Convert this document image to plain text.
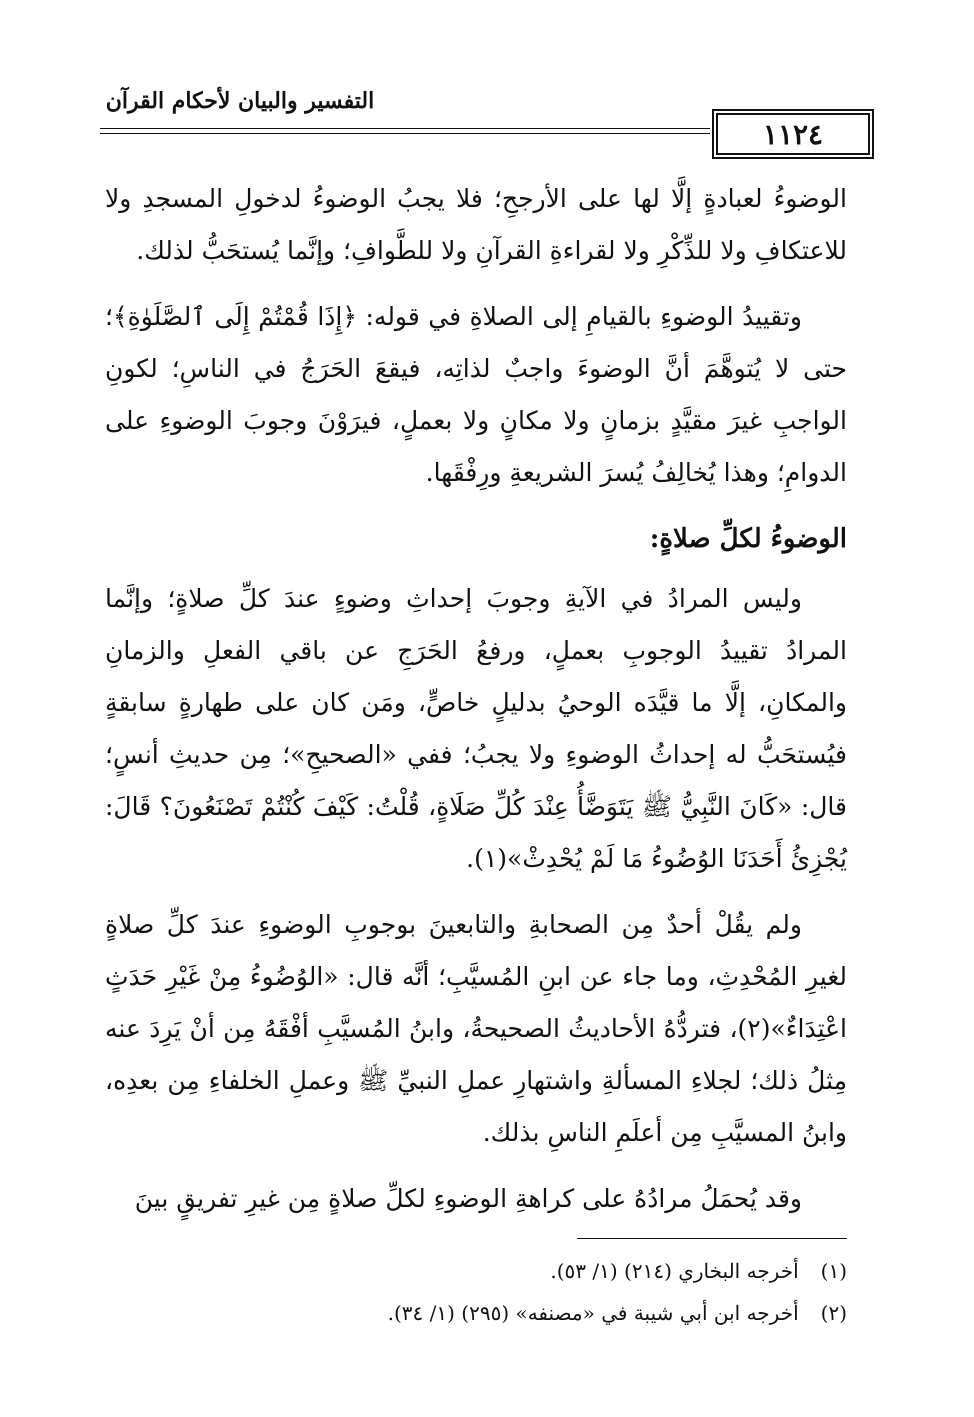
التفسير والبيان لأحكام القرآن
١١٢٤

الوضوءُ لعبادةٍ إلَّا لها على الأرجحِ؛ فلا يجبُ الوضوءُ لدخولِ المسجدِ ولا للاعتكافِ ولا للذِّكْرِ ولا لقراءةِ القرآنِ ولا للطَّوافِ؛ وإنَّما يُستحَبُّ لذلك.

وتقييدُ الوضوءِ بالقيامِ إلى الصلاةِ في قوله: ﴿إِذَا قُمْتُمْ إِلَى ٱلصَّلَوٰةِ﴾؛ حتى لا يُتوهَّمَ أنَّ الوضوءَ واجبٌ لذاتِه، فيقعَ الحَرَجُ في الناسِ؛ لكونِ الواجبِ غيرَ مقيَّدٍ بزمانٍ ولا مكانٍ ولا بعملٍ، فيرَوْنَ وجوبَ الوضوءِ على الدوامِ؛ وهذا يُخالِفُ يُسرَ الشريعةِ ورِفْقَها.

الوضوءُ لكلِّ صلاةٍ:

وليس المرادُ في الآيةِ وجوبَ إحداثِ وضوءٍ عندَ كلِّ صلاةٍ؛ وإنَّما المرادُ تقييدُ الوجوبِ بعملٍ، ورفعُ الحَرَجِ عن باقي الفعلِ والزمانِ والمكانِ، إلَّا ما قيَّدَه الوحيُ بدليلٍ خاصٍّ، ومَن كان على طهارةٍ سابقةٍ فيُستحَبُّ له إحداثُ الوضوءِ ولا يجبُ؛ ففي «الصحيحِ»؛ مِن حديثِ أنسٍ؛ قال: «كَانَ النَّبِيُّ ﷺ يَتَوَضَّأُ عِنْدَ كُلِّ صَلَاةٍ، قُلْتُ: كَيْفَ كُنْتُمْ تَصْنَعُونَ؟ قَالَ: يُجْزِئُ أَحَدَنَا الوُضُوءُ مَا لَمْ يُحْدِثْ»(١).

ولم يقُلْ أحدٌ مِن الصحابةِ والتابعينَ بوجوبِ الوضوءِ عندَ كلِّ صلاةٍ لغيرِ المُحْدِثِ، وما جاء عن ابنِ المُسيَّبِ؛ أنَّه قال: «الوُضُوءُ مِنْ غَيْرِ حَدَثٍ اعْتِدَاءٌ»(٢)، فتردُّهُ الأحاديثُ الصحيحةُ، وابنُ المُسيَّبِ أفْقَهُ مِن أنْ يَرِدَ عنه مِثلُ ذلك؛ لجلاءِ المسألةِ واشتهارِ عملِ النبيِّ ﷺ وعملِ الخلفاءِ مِن بعدِه، وابنُ المسيَّبِ مِن أعلَمِ الناسِ بذلك.

وقد يُحمَلُ مرادُهُ على كراهةِ الوضوءِ لكلِّ صلاةٍ مِن غيرِ تفريقٍ بينَ

(١) أخرجه البخاري (٢١٤) (١/ ٥٣).

(٢) أخرجه ابن أبي شيبة في «مصنفه» (٢٩٥) (١/ ٣٤).
